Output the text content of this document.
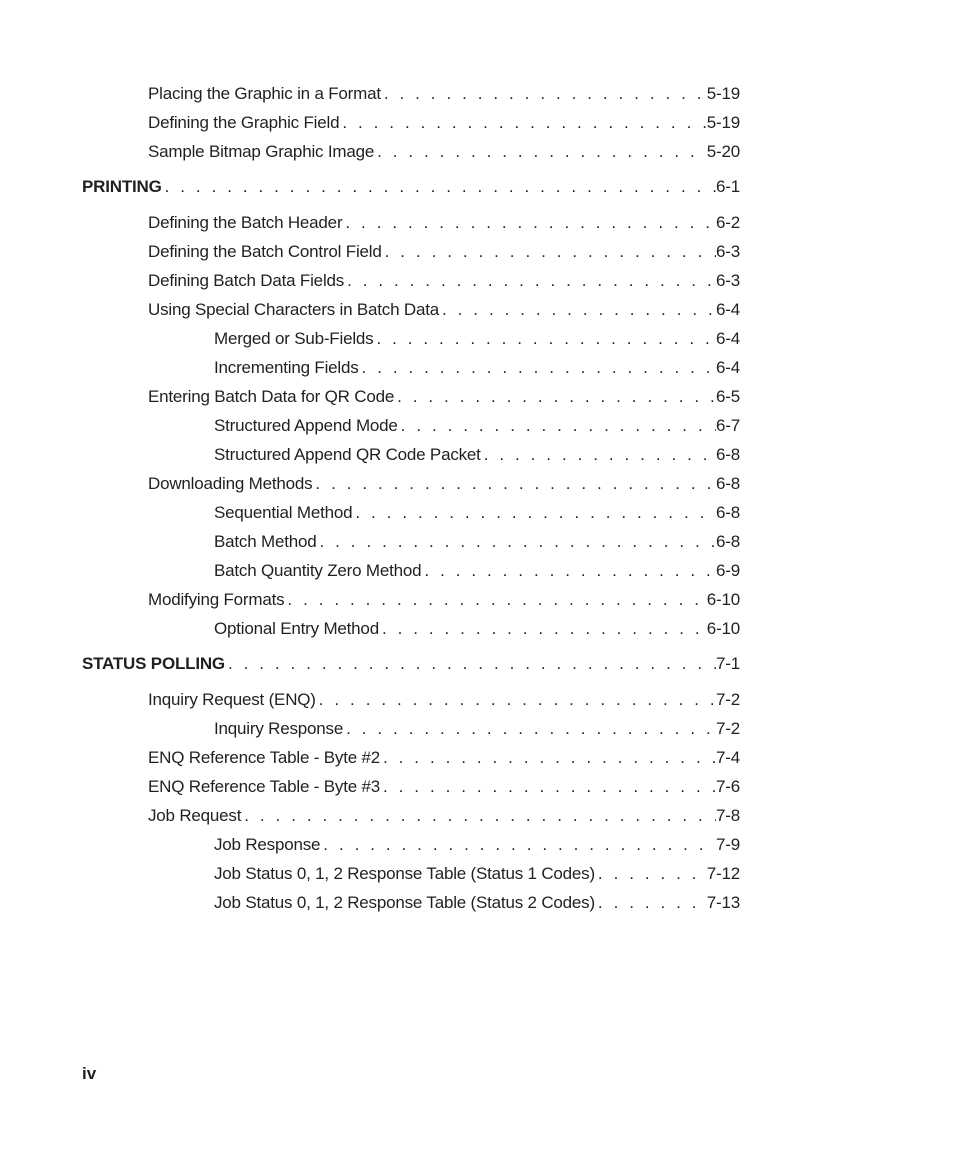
Placing the Graphic in a Format . . .	5-19
Defining the Graphic Field . . .	5-19
Sample Bitmap Graphic Image . . .	5-20
PRINTING . . .	6-1
Defining the Batch Header . . .	6-2
Defining the Batch Control Field . . .	6-3
Defining Batch Data Fields . . .	6-3
Using Special Characters in Batch Data . . .	6-4
Merged or Sub-Fields . . .	6-4
Incrementing Fields . . .	6-4
Entering Batch Data for QR Code . . .	6-5
Structured Append Mode . . .	6-7
Structured Append QR Code Packet . . .	6-8
Downloading Methods . . .	6-8
Sequential Method . . .	6-8
Batch Method . . .	6-8
Batch Quantity Zero Method . . .	6-9
Modifying Formats . . .	6-10
Optional Entry Method . . .	6-10
STATUS POLLING . . .	7-1
Inquiry Request (ENQ) . . .	7-2
Inquiry Response . . .	7-2
ENQ Reference Table - Byte #2 . . .	7-4
ENQ Reference Table - Byte #3 . . .	7-6
Job Request . . .	7-8
Job Response . . .	7-9
Job Status 0, 1, 2 Response Table (Status 1 Codes) . . .	7-12
Job Status 0, 1, 2 Response Table (Status 2 Codes) . . .	7-13
iv
